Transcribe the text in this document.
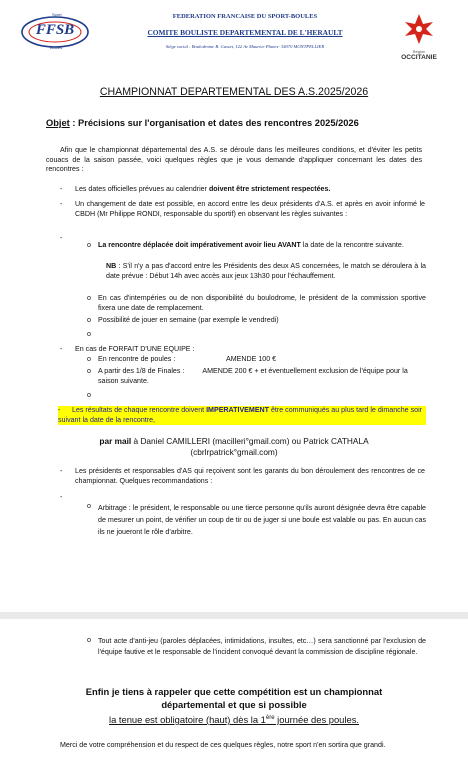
FFSB
Sport
Boules
FEDERATION FRANCAISE DU SPORT-BOULES
COMITE BOULISTE DEPARTEMENTAL DE L'HERAULT
Siège social : Boulodrome B. Gasset, 122 Av Maurice Planes- 34070 MONTPELLIER
Région
OCCITANIE
CHAMPIONNAT DEPARTEMENTAL DES A.S.2025/2026
Objet : Précisions sur l'organisation et dates des rencontres 2025/2026
Afin que le championnat départemental des A.S. se déroule dans les meilleures conditions, et d'éviter les petits couacs de la saison passée, voici quelques règles que je vous demande d'appliquer concernant les dates des rencontres :
- Les dates officielles prévues au calendrier doivent être strictement respectées.
- Un changement de date est possible, en accord entre les deux présidents d'A.S. et après en avoir informé le CBDH (Mr Philippe RONDI, responsable du sportif) en observant les règles suivantes :
-
o La rencontre déplacée doit impérativement avoir lieu AVANT la date de la rencontre suivante.
NB : S'il n'y a pas d'accord entre les Présidents des deux AS concernées, le match se déroulera à la date prévue : Début 14h avec accès aux jeux 13h30 pour l'échauffement.
o En cas d'intempéries ou de non disponibilité du boulodrome, le président de la commission sportive fixera une date de remplacement.
o Possibilité de jouer en semaine (par exemple le vendredi)
o
- En cas de FORFAIT D'UNE EQUIPE :
o En rencontre de poules :	AMENDE 100 €
o A partir des 1/8 de Finales :	AMENDE 200 € + et éventuellement exclusion de l'équipe pour la saison suivante.
o
- Les résultats de chaque rencontre doivent IMPERATIVEMENT être communiqués au plus tard le dimanche soir suivant la date de la rencontre,
par mail à Daniel CAMILLERI (macilleri°gmail.com) ou Patrick CATHALA
(cbrlrpatrick°gmail.com)
- Les présidents et responsables d'AS qui reçoivent sont les garants du bon déroulement des rencontres de ce championnat. Quelques recommandations :
-
o Arbitrage : le président, le responsable ou une tierce personne qu'ils auront désignée devra être capable de mesurer un point, de vérifier un coup de tir ou de juger si une boule est valable ou pas. En aucun cas ils ne joueront le rôle d'arbitre.
o Tout acte d'anti-jeu (paroles déplacées, intimidations, insultes, etc…) sera sanctionné par l'exclusion de l'équipe fautive et le responsable de l'incident convoqué devant la commission de discipline régionale.
Enfin je tiens à rappeler que cette compétition est un championnat
départemental et que si possible
la tenue est obligatoire (haut) dès la 1ère journée des poules.
Merci de votre compréhension et du respect de ces quelques règles, notre sport n'en sortira que grandi.
